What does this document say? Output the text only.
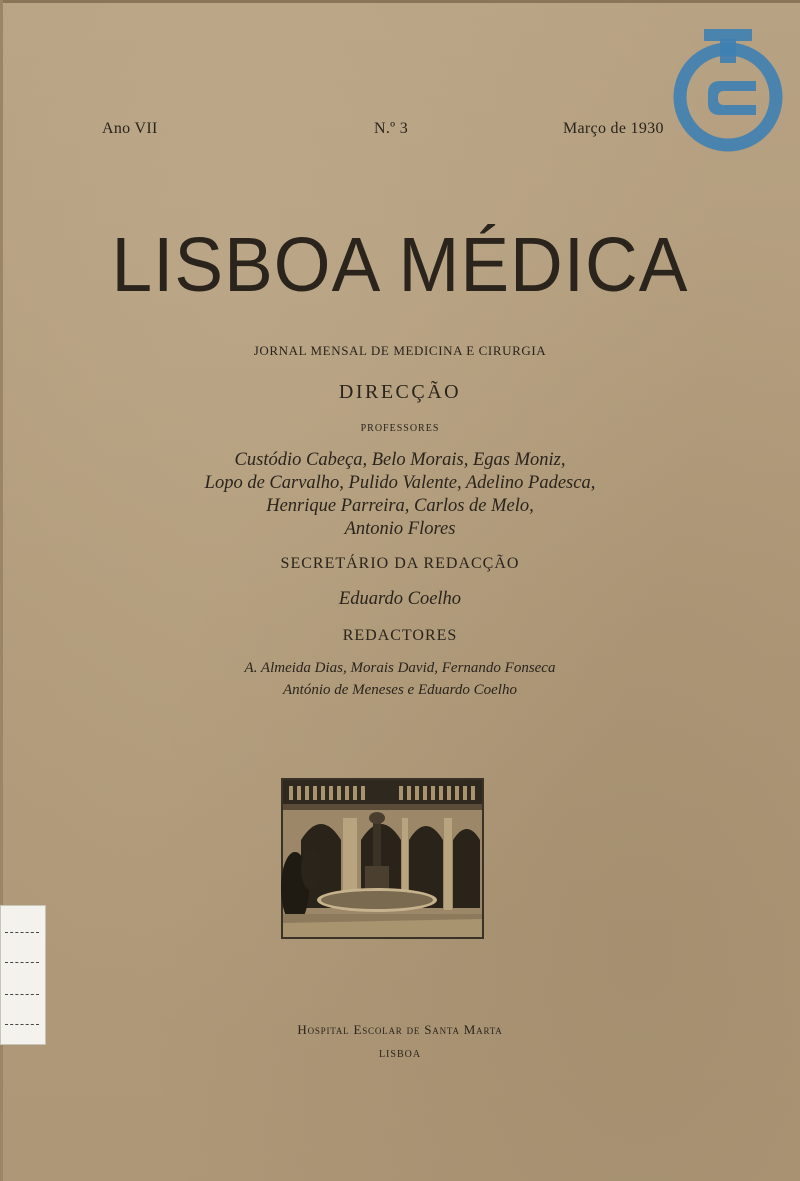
Ano VII	N.º 3	Março de 1930
LISBOA MÉDICA
JORNAL MENSAL DE MEDICINA E CIRURGIA
DIRECÇÃO
PROFESSORES
Custódio Cabeça, Belo Morais, Egas Moniz,
Lopo de Carvalho, Pulido Valente, Adelino Padesca,
Henrique Parreira, Carlos de Melo,
Antonio Flores
SECRETÁRIO DA REDACÇÃO
Eduardo Coelho
REDACTORES
A. Almeida Dias, Morais David, Fernando Fonseca
António de Meneses e Eduardo Coelho
Hospital Escolar de Santa Marta
LISBOA
